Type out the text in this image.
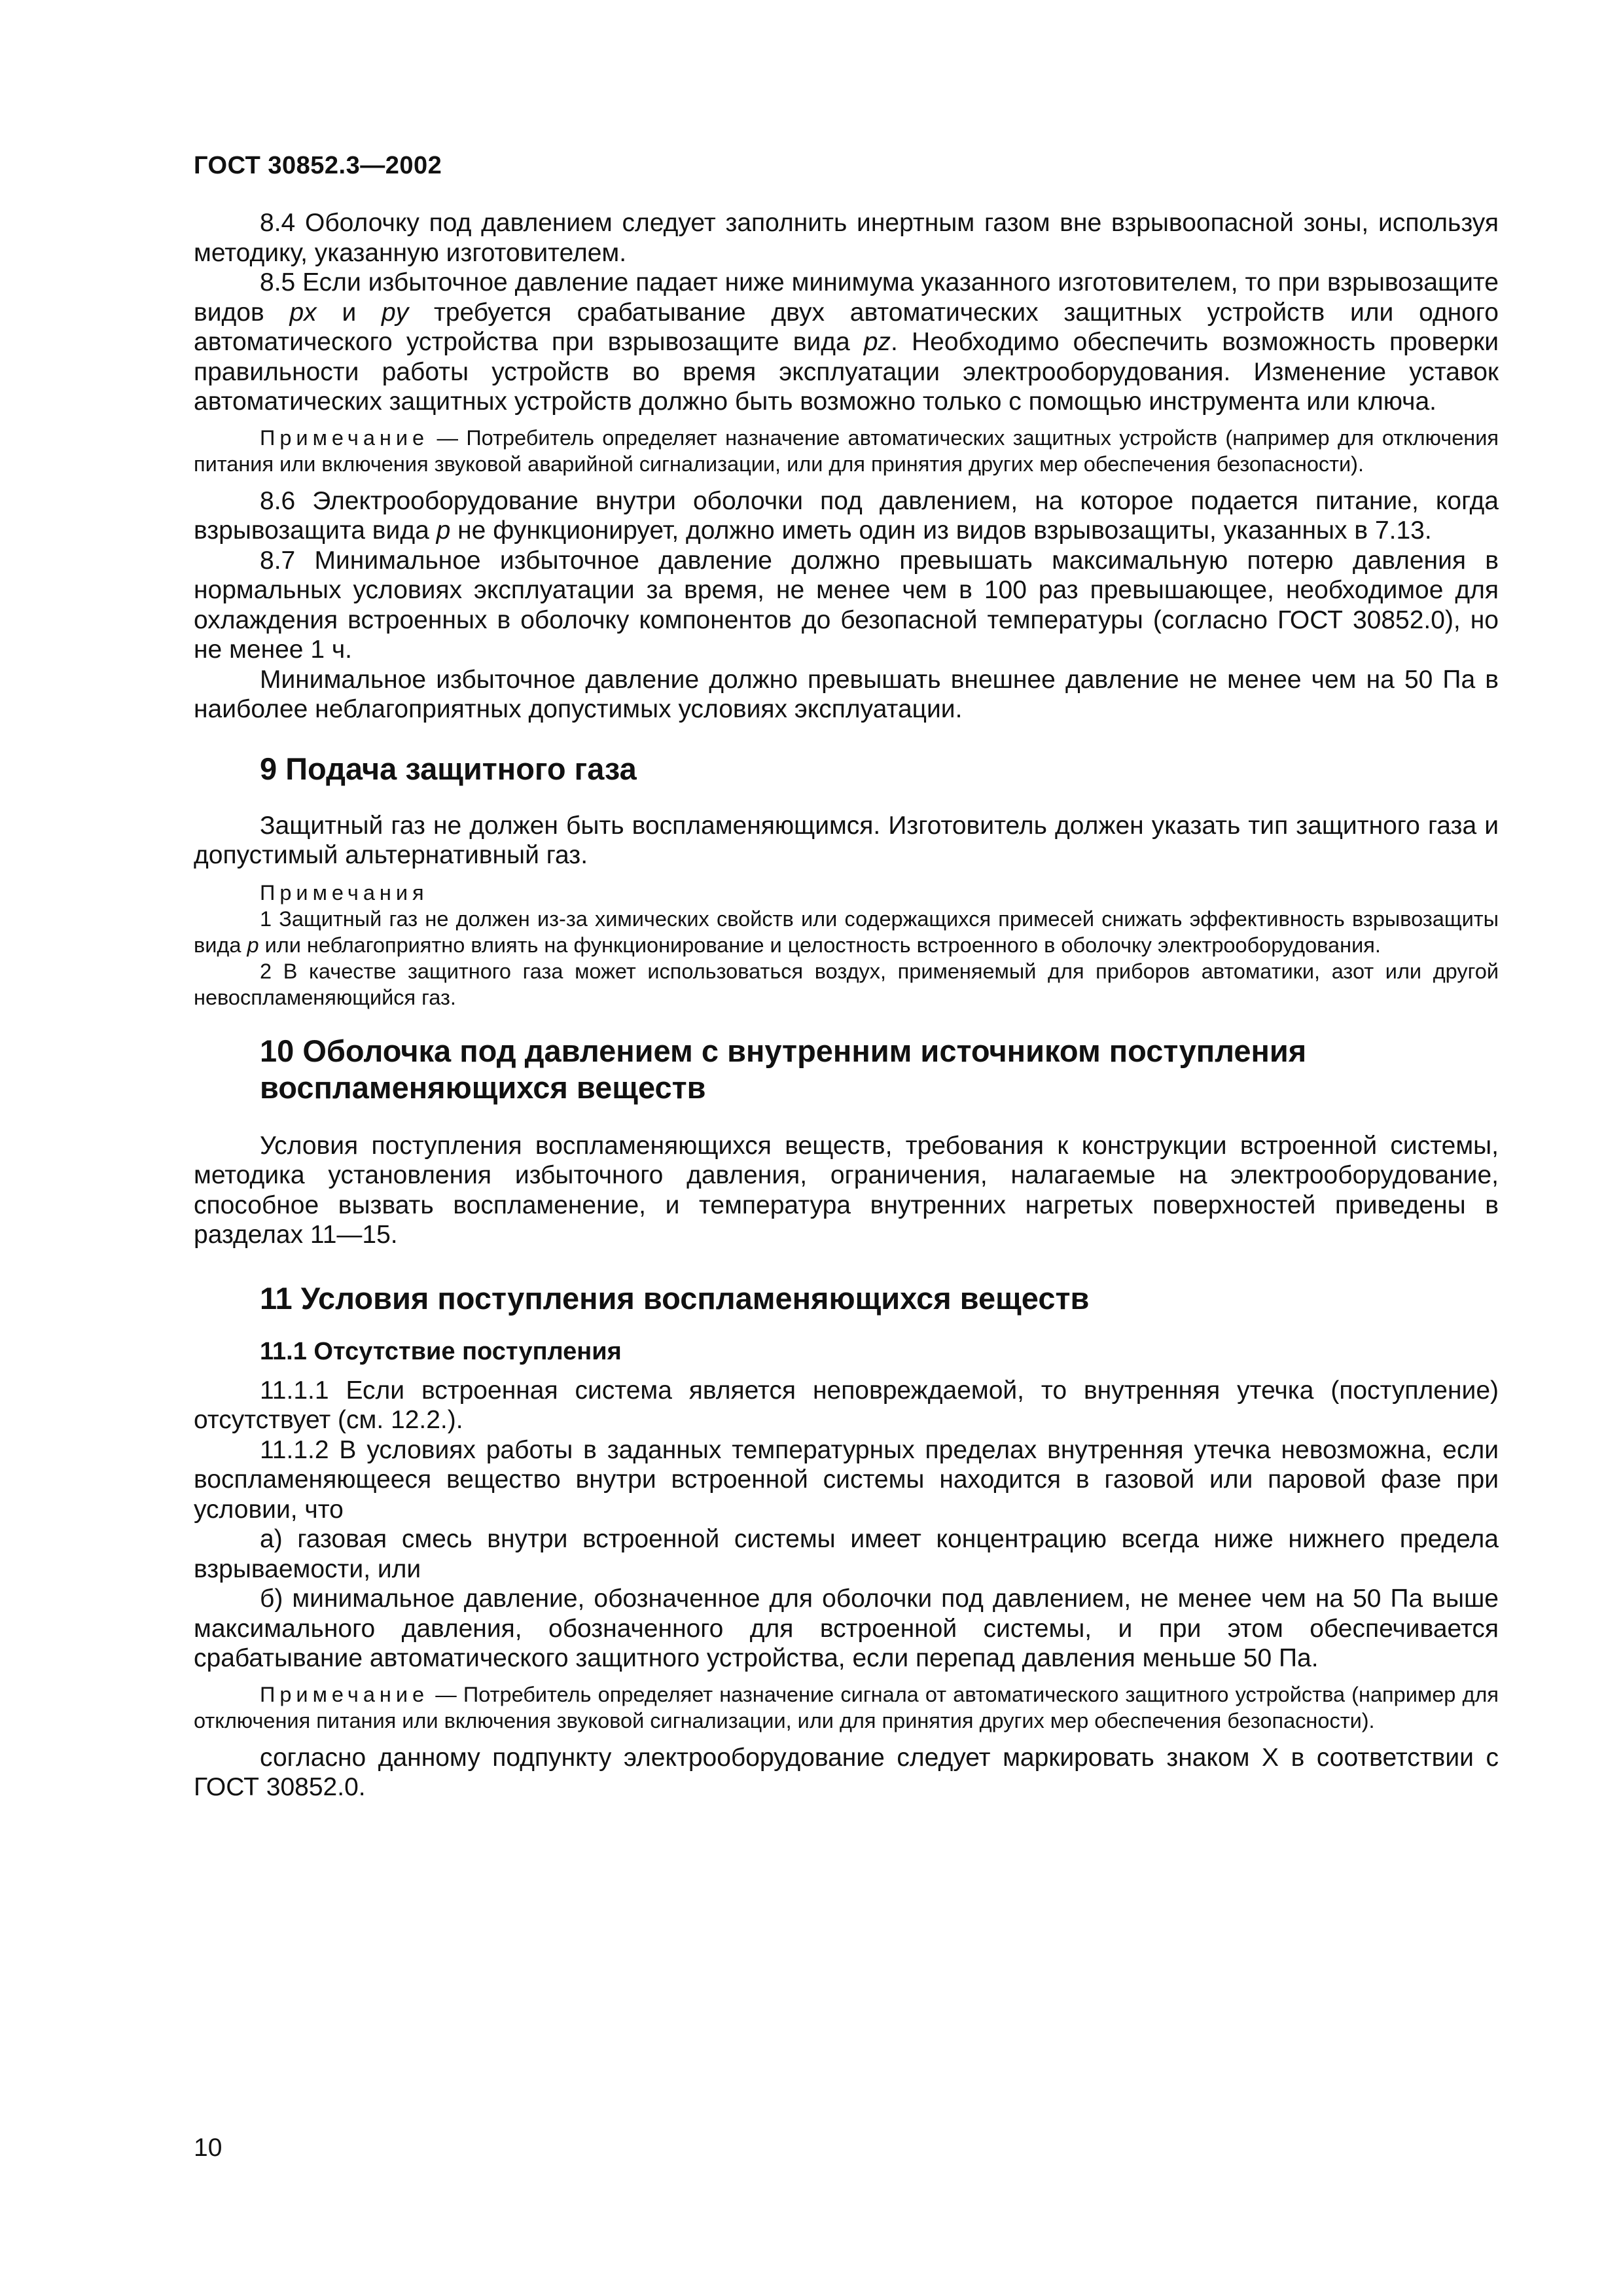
ГОСТ 30852.3—2002

8.4 Оболочку под давлением следует заполнить инертным газом вне взрывоопасной зоны, используя методику, указанную изготовителем.

8.5 Если избыточное давление падает ниже минимума указанного изготовителем, то при взрывозащите видов px и py требуется срабатывание двух автоматических защитных устройств или одного автоматического устройства при взрывозащите вида pz. Необходимо обеспечить возможность проверки правильности работы устройств во время эксплуатации электрооборудования. Изменение уставок автоматических защитных устройств должно быть возможно только с помощью инструмента или ключа.

Примечание — Потребитель определяет назначение автоматических защитных устройств (например для отключения питания или включения звуковой аварийной сигнализации, или для принятия других мер обеспечения безопасности).

8.6 Электрооборудование внутри оболочки под давлением, на которое подается питание, когда взрывозащита вида р не функционирует, должно иметь один из видов взрывозащиты, указанных в 7.13.

8.7 Минимальное избыточное давление должно превышать максимальную потерю давления в нормальных условиях эксплуатации за время, не менее чем в 100 раз превышающее, необходимое для охлаждения встроенных в оболочку компонентов до безопасной температуры (согласно ГОСТ 30852.0), но не менее 1 ч.

Минимальное избыточное давление должно превышать внешнее давление не менее чем на 50 Па в наиболее неблагоприятных допустимых условиях эксплуатации.

9 Подача защитного газа

Защитный газ не должен быть воспламеняющимся. Изготовитель должен указать тип защитного газа и допустимый альтернативный газ.

Примечания

1 Защитный газ не должен из-за химических свойств или содержащихся примесей снижать эффективность взрывозащиты вида р или неблагоприятно влиять на функционирование и целостность встроенного в оболочку электрооборудования.

2 В качестве защитного газа может использоваться воздух, применяемый для приборов автоматики, азот или другой невоспламеняющийся газ.

10 Оболочка под давлением с внутренним источником поступления
воспламеняющихся веществ

Условия поступления воспламеняющихся веществ, требования к конструкции встроенной системы, методика установления избыточного давления, ограничения, налагаемые на электрооборудование, способное вызвать воспламенение, и температура внутренних нагретых поверхностей приведены в разделах 11—15.

11 Условия поступления воспламеняющихся веществ
11.1 Отсутствие поступления

11.1.1 Если встроенная система является неповреждаемой, то внутренняя утечка (поступление) отсутствует (см. 12.2.).

11.1.2 В условиях работы в заданных температурных пределах внутренняя утечка невозможна, если воспламеняющееся вещество внутри встроенной системы находится в газовой или паровой фазе при условии, что

а) газовая смесь внутри встроенной системы имеет концентрацию всегда ниже нижнего предела взрываемости, или

б) минимальное давление, обозначенное для оболочки под давлением, не менее чем на 50 Па выше максимального давления, обозначенного для встроенной системы, и при этом обеспечивается срабатывание автоматического защитного устройства, если перепад давления меньше 50 Па.

Примечание — Потребитель определяет назначение сигнала от автоматического защитного устройства (например для отключения питания или включения звуковой сигнализации, или для принятия других мер обеспечения безопасности).

согласно данному подпункту электрооборудование следует маркировать знаком Х в соответствии с ГОСТ 30852.0.

10
